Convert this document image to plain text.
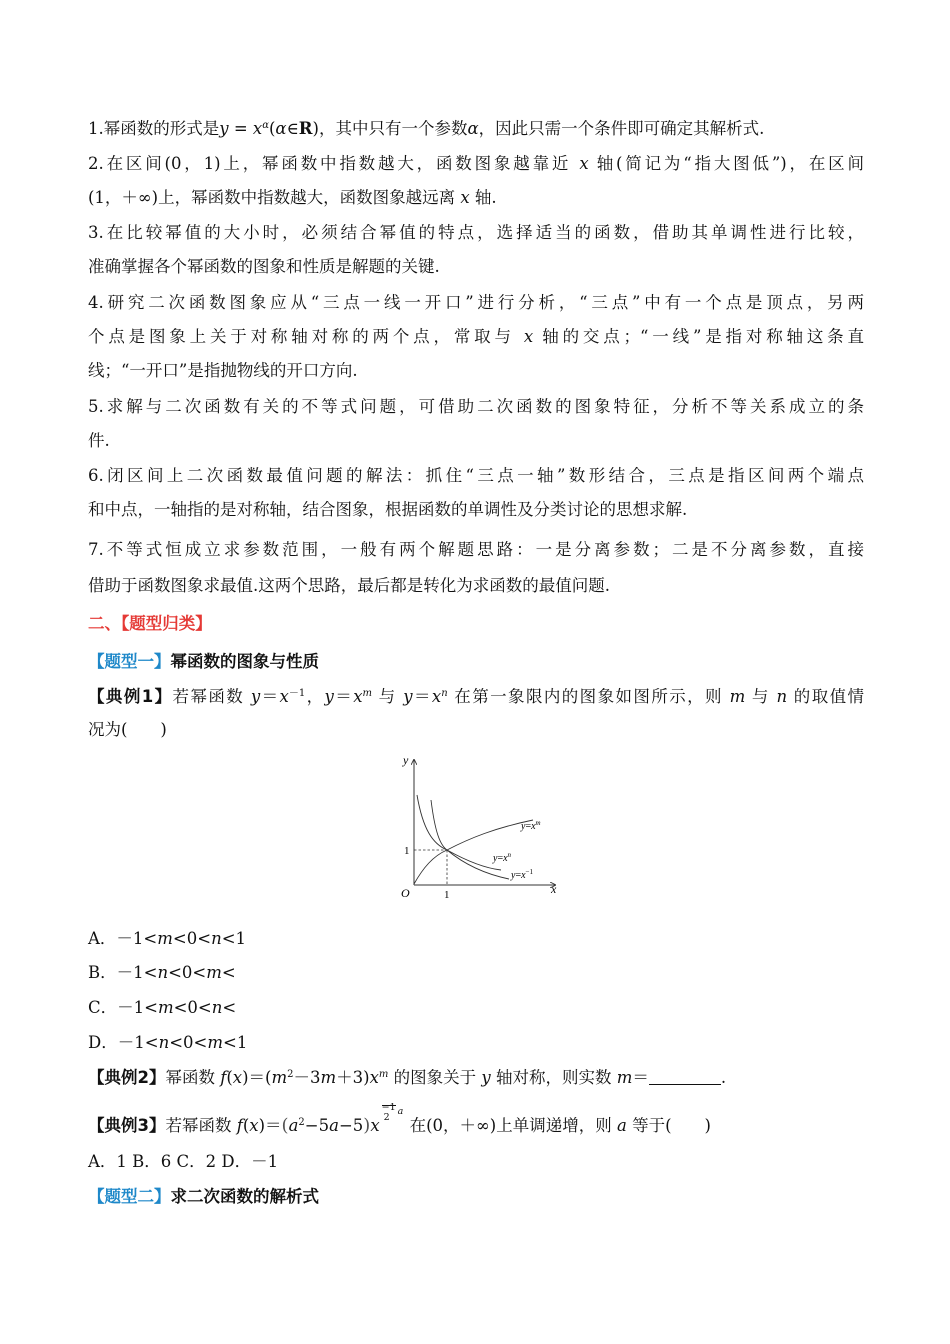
1.幂函数的形式是$y = x^\alpha(\alpha\in R)$，其中只有一个参数α，因此只需一个条件即可确定其解析式.
2.在区间(0，1)上，幂函数中指数越大，函数图象越靠近 x 轴(简记为“指大图低”)，在区间
(1，＋∞)上，幂函数中指数越大，函数图象越远离 x 轴.
3.在比较幂值的大小时，必须结合幂值的特点，选择适当的函数，借助其单调性进行比较，
准确掌握各个幂函数的图象和性质是解题的关键.
4.研究二次函数图象应从“三点一线一开口”进行分析，“三点”中有一个点是顶点，另两
个点是图象上关于对称轴对称的两个点，常取与 x 轴的交点；“一线”是指对称轴这条直
线；“一开口”是指抛物线的开口方向.
5.求解与二次函数有关的不等式问题，可借助二次函数的图象特征，分析不等关系成立的条
件.
6.闭区间上二次函数最值问题的解法：抓住“三点一轴”数形结合，三点是指区间两个端点
和中点，一轴指的是对称轴，结合图象，根据函数的单调性及分类讨论的思想求解.
7.不等式恒成立求参数范围，一般有两个解题思路：一是分离参数；二是不分离参数，直接
借助于函数图象求最值.这两个思路，最后都是转化为求函数的最值问题.
二、【题型归类】
【题型一】幂函数的图象与性质
【典例1】若幂函数 $y=x^{-1}$，$y=x^m$ 与 $y=x^n$ 在第一象限内的图象如图所示，则 m 与 n 的取值情
况为(　　)
y
x
O	1
1
$y=x^m$
$y=x^n$
$y=x^{-1}$
A．－1<m<0<n<1
B．－1<n<0<m<
C．－1<m<0<n<
D．－1<n<0<m<1
【典例2】幂函数 $f(x)=(m^2-3m+3)x^m$ 的图象关于 y 轴对称，则实数 m＝	.
【典例3】若幂函数 $f(x)=(a^2-5a-5)x$
−1
2
a
在(0，＋∞)上单调递增，则 a 等于(　　)
A．1 B．6 C．2 D．－1
【题型二】求二次函数的解析式
